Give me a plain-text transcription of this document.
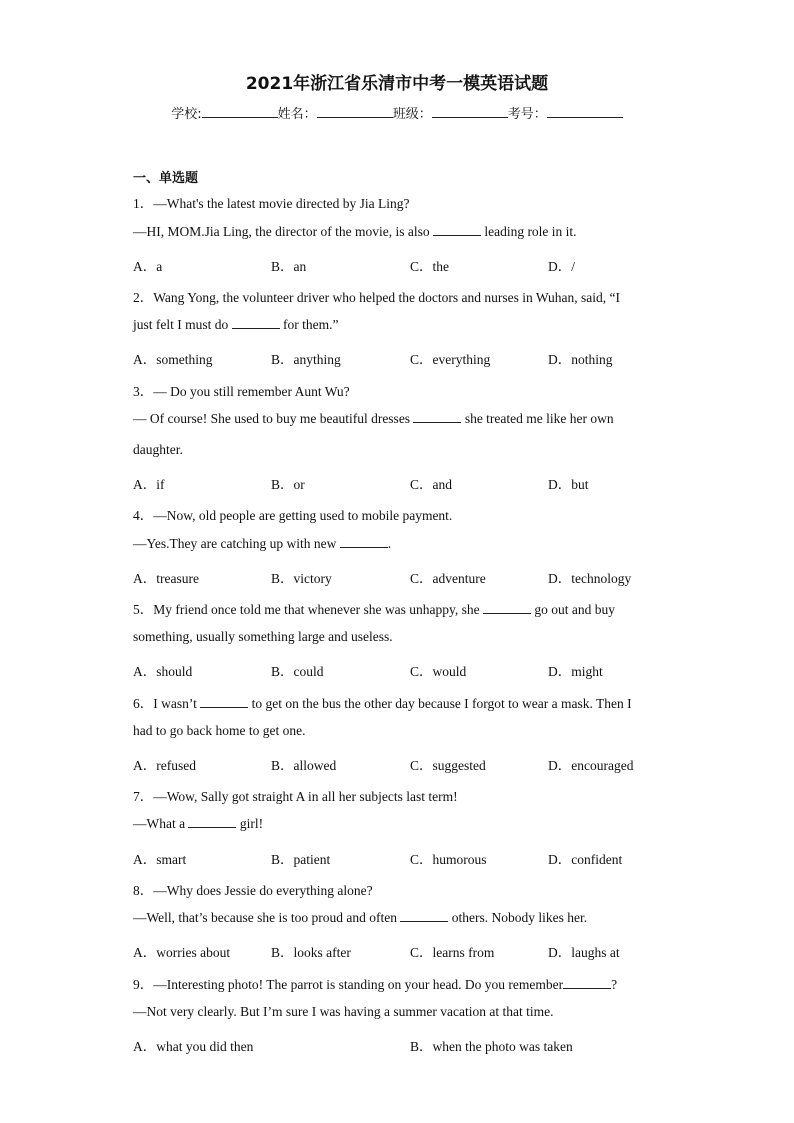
2021年浙江省乐清市中考一模英语试题
学校:	姓名：	班级：	考号：
一、单选题
1．—What's the latest movie directed by Jia Ling?
—HI, MOM.Jia Ling, the director of the movie, is also	leading role in it.
A．a	B．an	C．the	D．/
2．Wang Yong, the volunteer driver who helped the doctors and nurses in Wuhan, said, “I
just felt I must do	for them.”
A．something	B．anything	C．everything	D．nothing
3．— Do you still remember Aunt Wu?
— Of course! She used to buy me beautiful dresses	she treated me like her own
daughter.
A．if	B．or	C．and	D．but
4．—Now, old people are getting used to mobile payment.
—Yes.They are catching up with new	.
A．treasure	B．victory	C．adventure	D．technology
5．My friend once told me that whenever she was unhappy, she	go out and buy
something, usually something large and useless.
A．should	B．could	C．would	D．might
6．I wasn’t	to get on the bus the other day because I forgot to wear a mask. Then I
had to go back home to get one.
A．refused	B．allowed	C．suggested	D．encouraged
7．—Wow, Sally got straight A in all her subjects last term!
—What a	girl!
A．smart	B．patient	C．humorous	D．confident
8．—Why does Jessie do everything alone?
—Well, that’s because she is too proud and often	others. Nobody likes her.
A．worries about	B．looks after	C．learns from	D．laughs at
9．—Interesting photo! The parrot is standing on your head. Do you remember	?
—Not very clearly. But I’m sure I was having a summer vacation at that time.
A．what you did then	B．when the photo was taken
